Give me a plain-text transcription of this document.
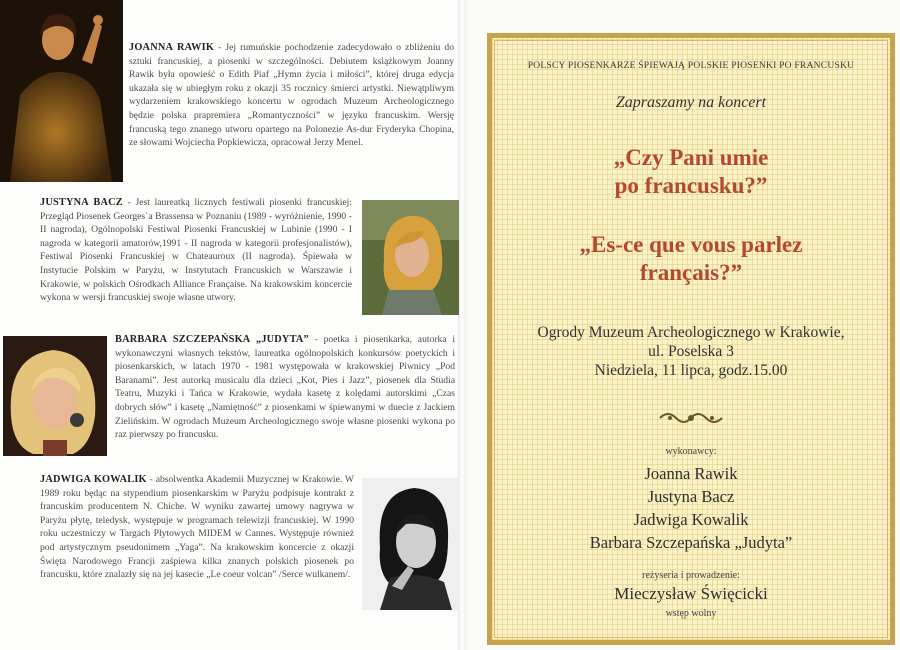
JOANNA RAWIK - Jej rumuńskie pochodzenie zadecydowało o zbliżeniu do sztuki francuskiej, a piosenki w szczególności. Debiutem książkowym Joanny Rawik była opowieść o Edith Piaf „Hymn życia i miłości”, której druga edycja ukazała się w ubiegłym roku z okazji 35 rocznicy śmierci artystki. Niewątpliwym wydarzeniem krakowskiego koncertu w ogrodach Muzeum Archeologicznego będzie polska prapremiera „Romantyczności” w języku francuskim. Wersję francuską tego znanego utworu opartego na Polonezie As-dur Fryderyka Chopina, ze słowami Wojciecha Popkiewicza, opracował Jerzy Menel.
JUSTYNA BACZ - Jest laureatką licznych festiwali piosenki francuskiej: Przegląd Piosenek Georges`a Brassensa w Poznaniu (1989 - wyróżnienie, 1990 - II nagroda), Ogólnopolski Festiwal Piosenki Francuskiej w Lubinie (1990 - I nagroda w kategorii amatorów,1991 - II nagroda w kategorii profesjonalistów), Festiwal Piosenki Francuskiej w Chateauroux (II nagroda). Śpiewała w Instytucie Polskim w Paryżu, w Instytutach Francuskich w Warszawie i Krakowie, w polskich Ośrodkach Alliance Française. Na krakowskim koncercie wykona w wersji francuskiej swoje własne utwory.
BARBARA SZCZEPAŃSKA „JUDYTA” - poetka i piosenkarka, autorka i wykonawczyni własnych tekstów, laureatka ogólnopolskich konkursów poetyckich i piosenkarskich, w latach 1970 - 1981 występowała w krakowskiej Piwnicy „Pod Baranami”. Jest autorką musicalu dla dzieci „Kot, Pies i Jazz”, piosenek dla Studia Teatru, Muzyki i Tańca w Krakowie, wydała kasetę z kolędami autorskimi „Czas dobrych słów” i kasetę „Namiętność” z piosenkami w śpiewanymi w duecie z Jackiem Zielińskim. W ogrodach Muzeum Archeologicznego swoje własne piosenki wykona po raz pierwszy po francusku.
JADWIGA KOWALIK - absolwentka Akademii Muzycznej w Krakowie. W 1989 roku będąc na stypendium piosenkarskim w Paryżu podpisuje kontrakt z francuskim producentem N. Chiche. W wyniku zawartej umowy nagrywa w Paryżu płytę, teledysk, występuje w programach telewizji francuskiej. W 1990 roku uczestniczy w Targach Płytowych MIDEM w Cannes. Występuje również pod artystycznym pseudonimem „Yaga”. Na krakowskim koncercie z okazji Święta Narodowego Francji zaśpiewa kilka znanych polskich piosenek po francusku, które znalazły się na jej kasecie „Le coeur volcan” /Serce wulkanem/.
POLSCY PIOSENKARZE ŚPIEWAJĄ POLSKIE PIOSENKI PO FRANCUSKU
Zapraszamy na koncert
„Czy Pani umie
po francusku?”
„Es-ce que vous parlez
français?”
Ogrody Muzeum Archeologicznego w Krakowie,
ul. Poselska 3
Niedziela, 11 lipca, godz.15.00
wykonawcy:
Joanna Rawik
Justyna Bacz
Jadwiga Kowalik
Barbara Szczepańska „Judyta”
reżyseria i prowadzenie:
Mieczysław Święcicki
wstęp wolny
